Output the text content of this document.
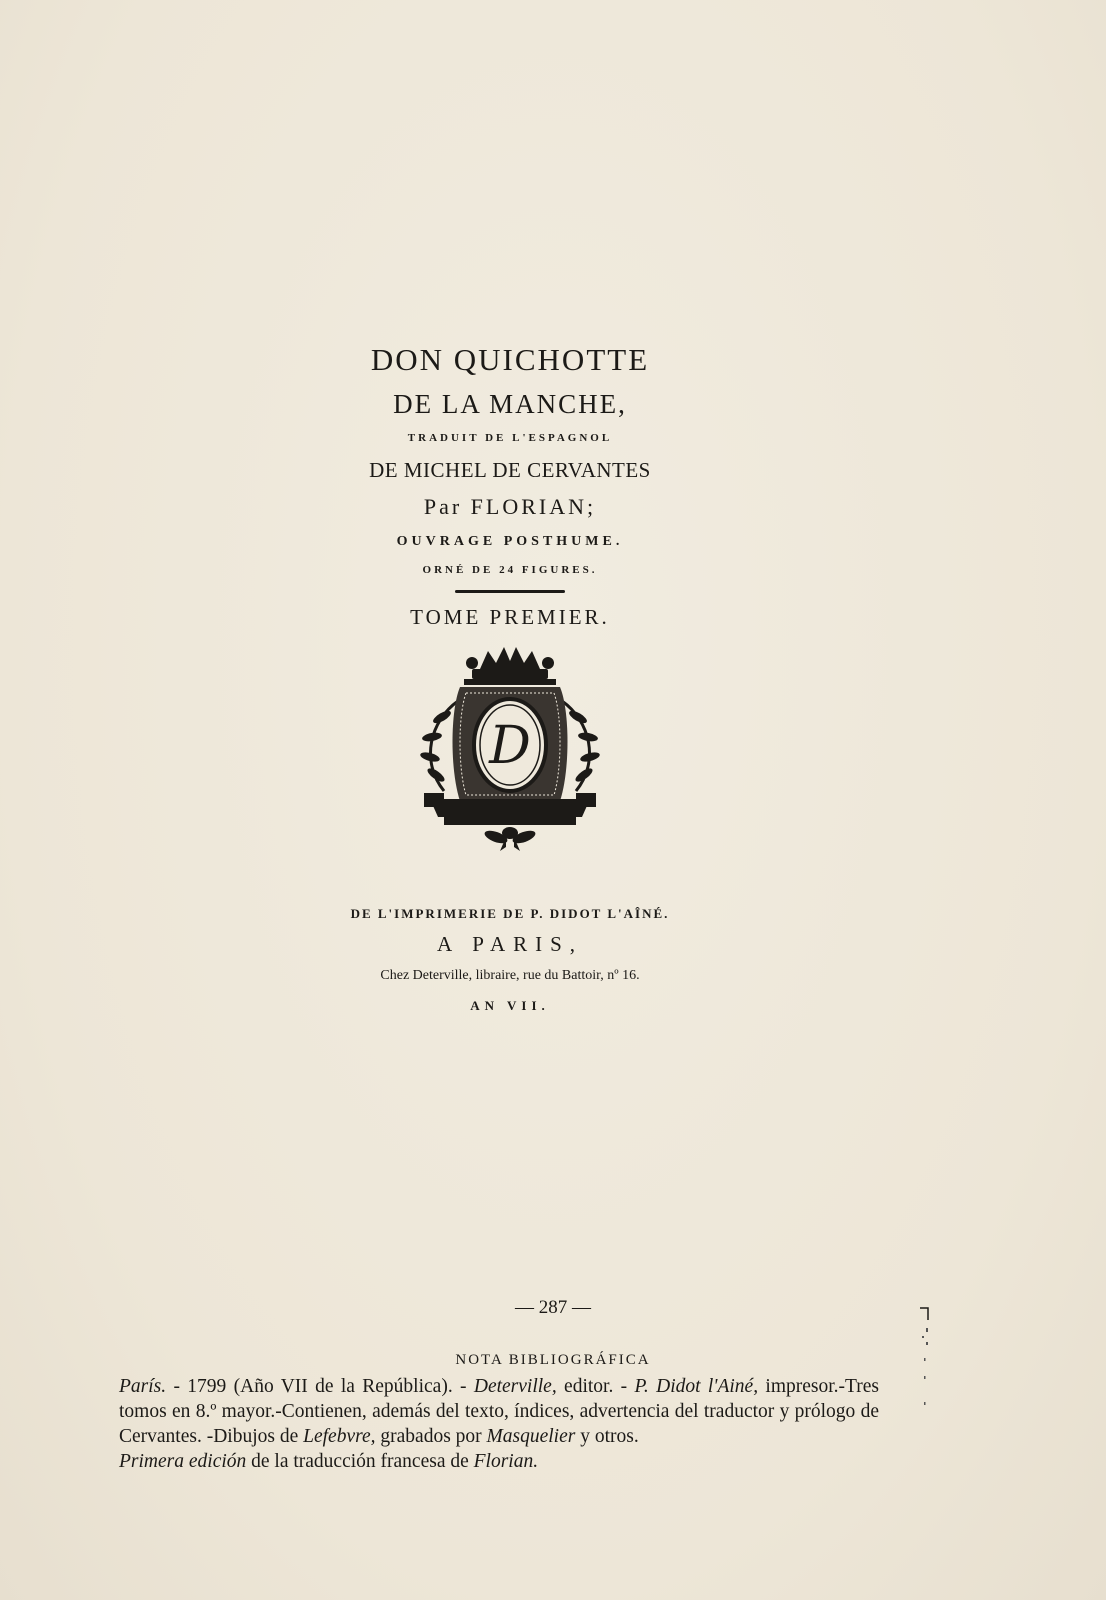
DON QUICHOTTE
DE LA MANCHE,
TRADUIT DE L'ESPAGNOL
DE MICHEL DE CERVANTES
Par FLORIAN;
OUVRAGE POSTHUME.
ORNÉ DE 24 FIGURES.
TOME PREMIER.
D
DE L'IMPRIMERIE DE P. DIDOT L'AÎNÉ.
A PARIS,
Chez Deterville, libraire, rue du Battoir, nº 16.
AN VII.
— 287 —
NOTA BIBLIOGRÁFICA

París. - 1799 (Año VII de la República). - Deterville, editor. - P. Didot l'Ainé, impresor.-Tres tomos en 8.º mayor.-Contienen, además del texto, índices, advertencia del traductor y prólogo de Cervantes. -Dibujos de Lefebvre, grabados por Masquelier y otros.

Primera edición de la traducción francesa de Florian.
